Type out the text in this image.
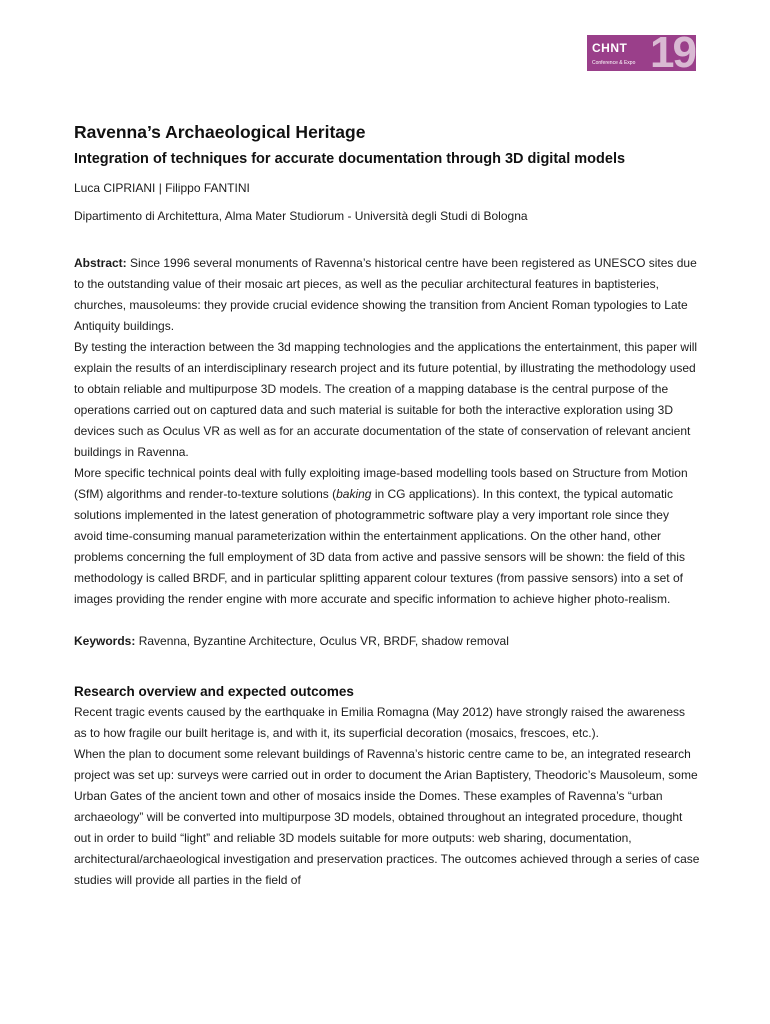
CHNT
Conference & Expo 19
Ravenna’s Archaeological Heritage
Integration of techniques for accurate documentation through 3D digital models
Luca CIPRIANI | Filippo FANTINI
Dipartimento di Architettura, Alma Mater Studiorum - Università degli Studi di Bologna

Abstract: Since 1996 several monuments of Ravenna’s historical centre have been registered as UNESCO sites due to the outstanding value of their mosaic art pieces, as well as the peculiar architectural features in baptisteries, churches, mausoleums: they provide crucial evidence showing the transition from Ancient Roman typologies to Late Antiquity buildings.

By testing the interaction between the 3d mapping technologies and the applications the entertainment, this paper will explain the results of an interdisciplinary research project and its future potential, by illustrating the methodology used to obtain reliable and multipurpose 3D models. The creation of a mapping database is the central purpose of the operations carried out on captured data and such material is suitable for both the interactive exploration using 3D devices such as Oculus VR as well as for an accurate documentation of the state of conservation of relevant ancient buildings in Ravenna.

More specific technical points deal with fully exploiting image-based modelling tools based on Structure from Motion (SfM) algorithms and render-to-texture solutions (baking in CG applications). In this context, the typical automatic solutions implemented in the latest generation of photogrammetric software play a very important role since they avoid time-consuming manual parameterization within the entertainment applications. On the other hand, other problems concerning the full employment of 3D data from active and passive sensors will be shown: the field of this methodology is called BRDF, and in particular splitting apparent colour textures (from passive sensors) into a set of images providing the render engine with more accurate and specific information to achieve higher photo-realism.

Keywords: Ravenna, Byzantine Architecture, Oculus VR, BRDF, shadow removal
Research overview and expected outcomes

Recent tragic events caused by the earthquake in Emilia Romagna (May 2012) have strongly raised the awareness as to how fragile our built heritage is, and with it, its superficial decoration (mosaics, frescoes, etc.).

When the plan to document some relevant buildings of Ravenna’s historic centre came to be, an integrated research project was set up: surveys were carried out in order to document the Arian Baptistery, Theodoric’s Mausoleum, some Urban Gates of the ancient town and other of mosaics inside the Domes. These examples of Ravenna’s “urban archaeology” will be converted into multipurpose 3D models, obtained throughout an integrated procedure, thought out in order to build “light” and reliable 3D models suitable for more outputs: web sharing, documentation, architectural/archaeological investigation and preservation practices. The outcomes achieved through a series of case studies will provide all parties in the field of
